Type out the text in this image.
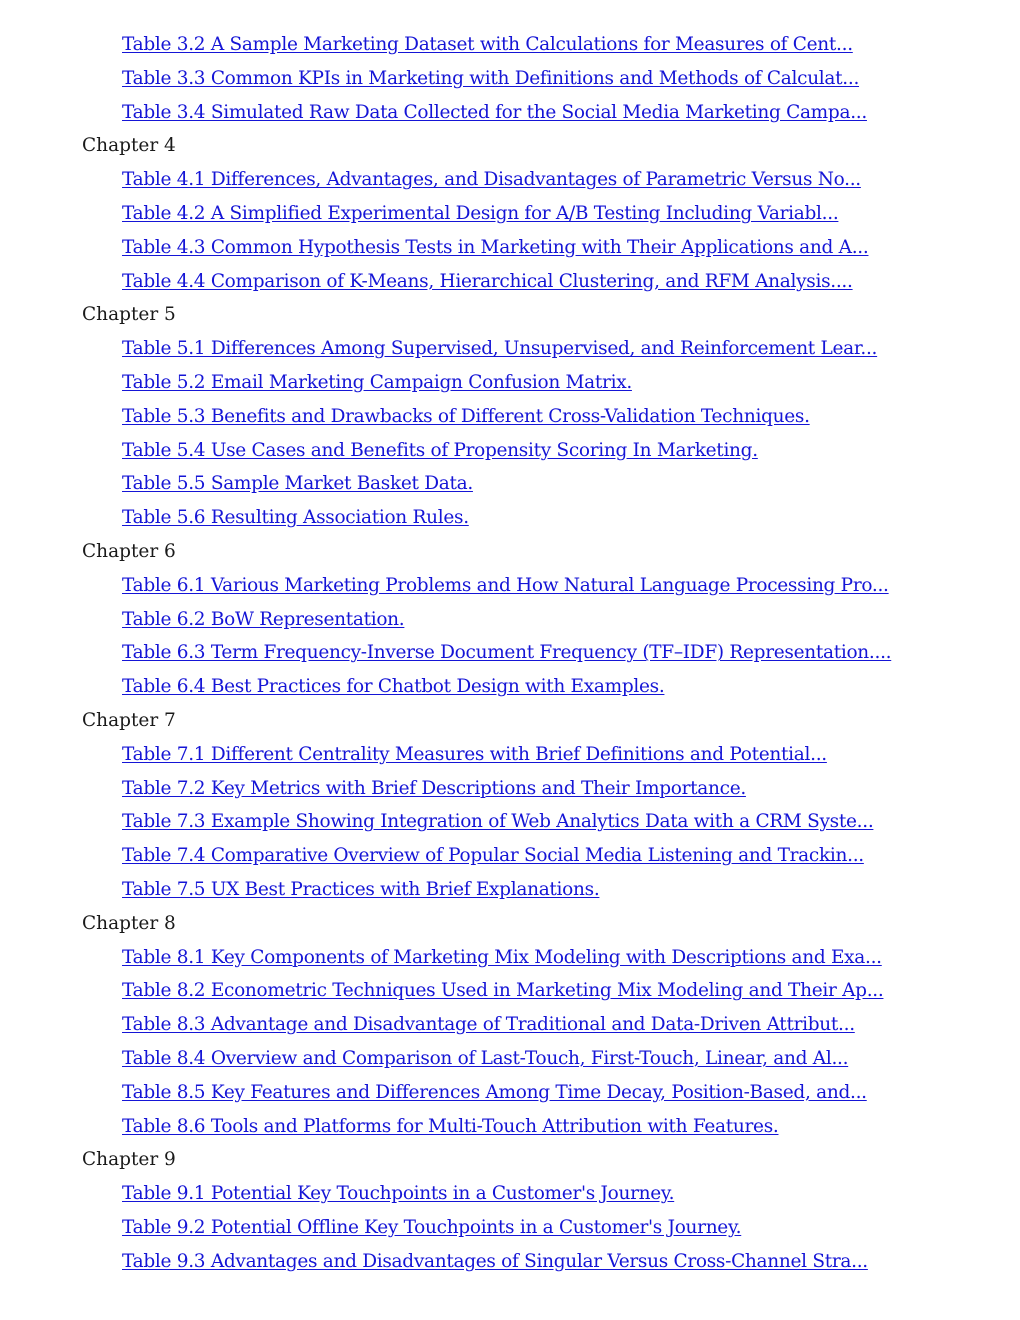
Table 3.2 A Sample Marketing Dataset with Calculations for Measures of Cent...
Table 3.3 Common KPIs in Marketing with Definitions and Methods of Calculat...
Table 3.4 Simulated Raw Data Collected for the Social Media Marketing Campa...
Chapter 4
Table 4.1 Differences, Advantages, and Disadvantages of Parametric Versus No...
Table 4.2 A Simplified Experimental Design for A/B Testing Including Variabl...
Table 4.3 Common Hypothesis Tests in Marketing with Their Applications and A...
Table 4.4 Comparison of K-Means, Hierarchical Clustering, and RFM Analysis....
Chapter 5
Table 5.1 Differences Among Supervised, Unsupervised, and Reinforcement Lear...
Table 5.2 Email Marketing Campaign Confusion Matrix.
Table 5.3 Benefits and Drawbacks of Different Cross-Validation Techniques.
Table 5.4 Use Cases and Benefits of Propensity Scoring In Marketing.
Table 5.5 Sample Market Basket Data.
Table 5.6 Resulting Association Rules.
Chapter 6
Table 6.1 Various Marketing Problems and How Natural Language Processing Pro...
Table 6.2 BoW Representation.
Table 6.3 Term Frequency-Inverse Document Frequency (TF–IDF) Representation....
Table 6.4 Best Practices for Chatbot Design with Examples.
Chapter 7
Table 7.1 Different Centrality Measures with Brief Definitions and Potential...
Table 7.2 Key Metrics with Brief Descriptions and Their Importance.
Table 7.3 Example Showing Integration of Web Analytics Data with a CRM Syste...
Table 7.4 Comparative Overview of Popular Social Media Listening and Trackin...
Table 7.5 UX Best Practices with Brief Explanations.
Chapter 8
Table 8.1 Key Components of Marketing Mix Modeling with Descriptions and Exa...
Table 8.2 Econometric Techniques Used in Marketing Mix Modeling and Their Ap...
Table 8.3 Advantage and Disadvantage of Traditional and Data-Driven Attribut...
Table 8.4 Overview and Comparison of Last-Touch, First-Touch, Linear, and Al...
Table 8.5 Key Features and Differences Among Time Decay, Position-Based, and...
Table 8.6 Tools and Platforms for Multi-Touch Attribution with Features.
Chapter 9
Table 9.1 Potential Key Touchpoints in a Customer's Journey.
Table 9.2 Potential Offline Key Touchpoints in a Customer's Journey.
Table 9.3 Advantages and Disadvantages of Singular Versus Cross-Channel Stra...
